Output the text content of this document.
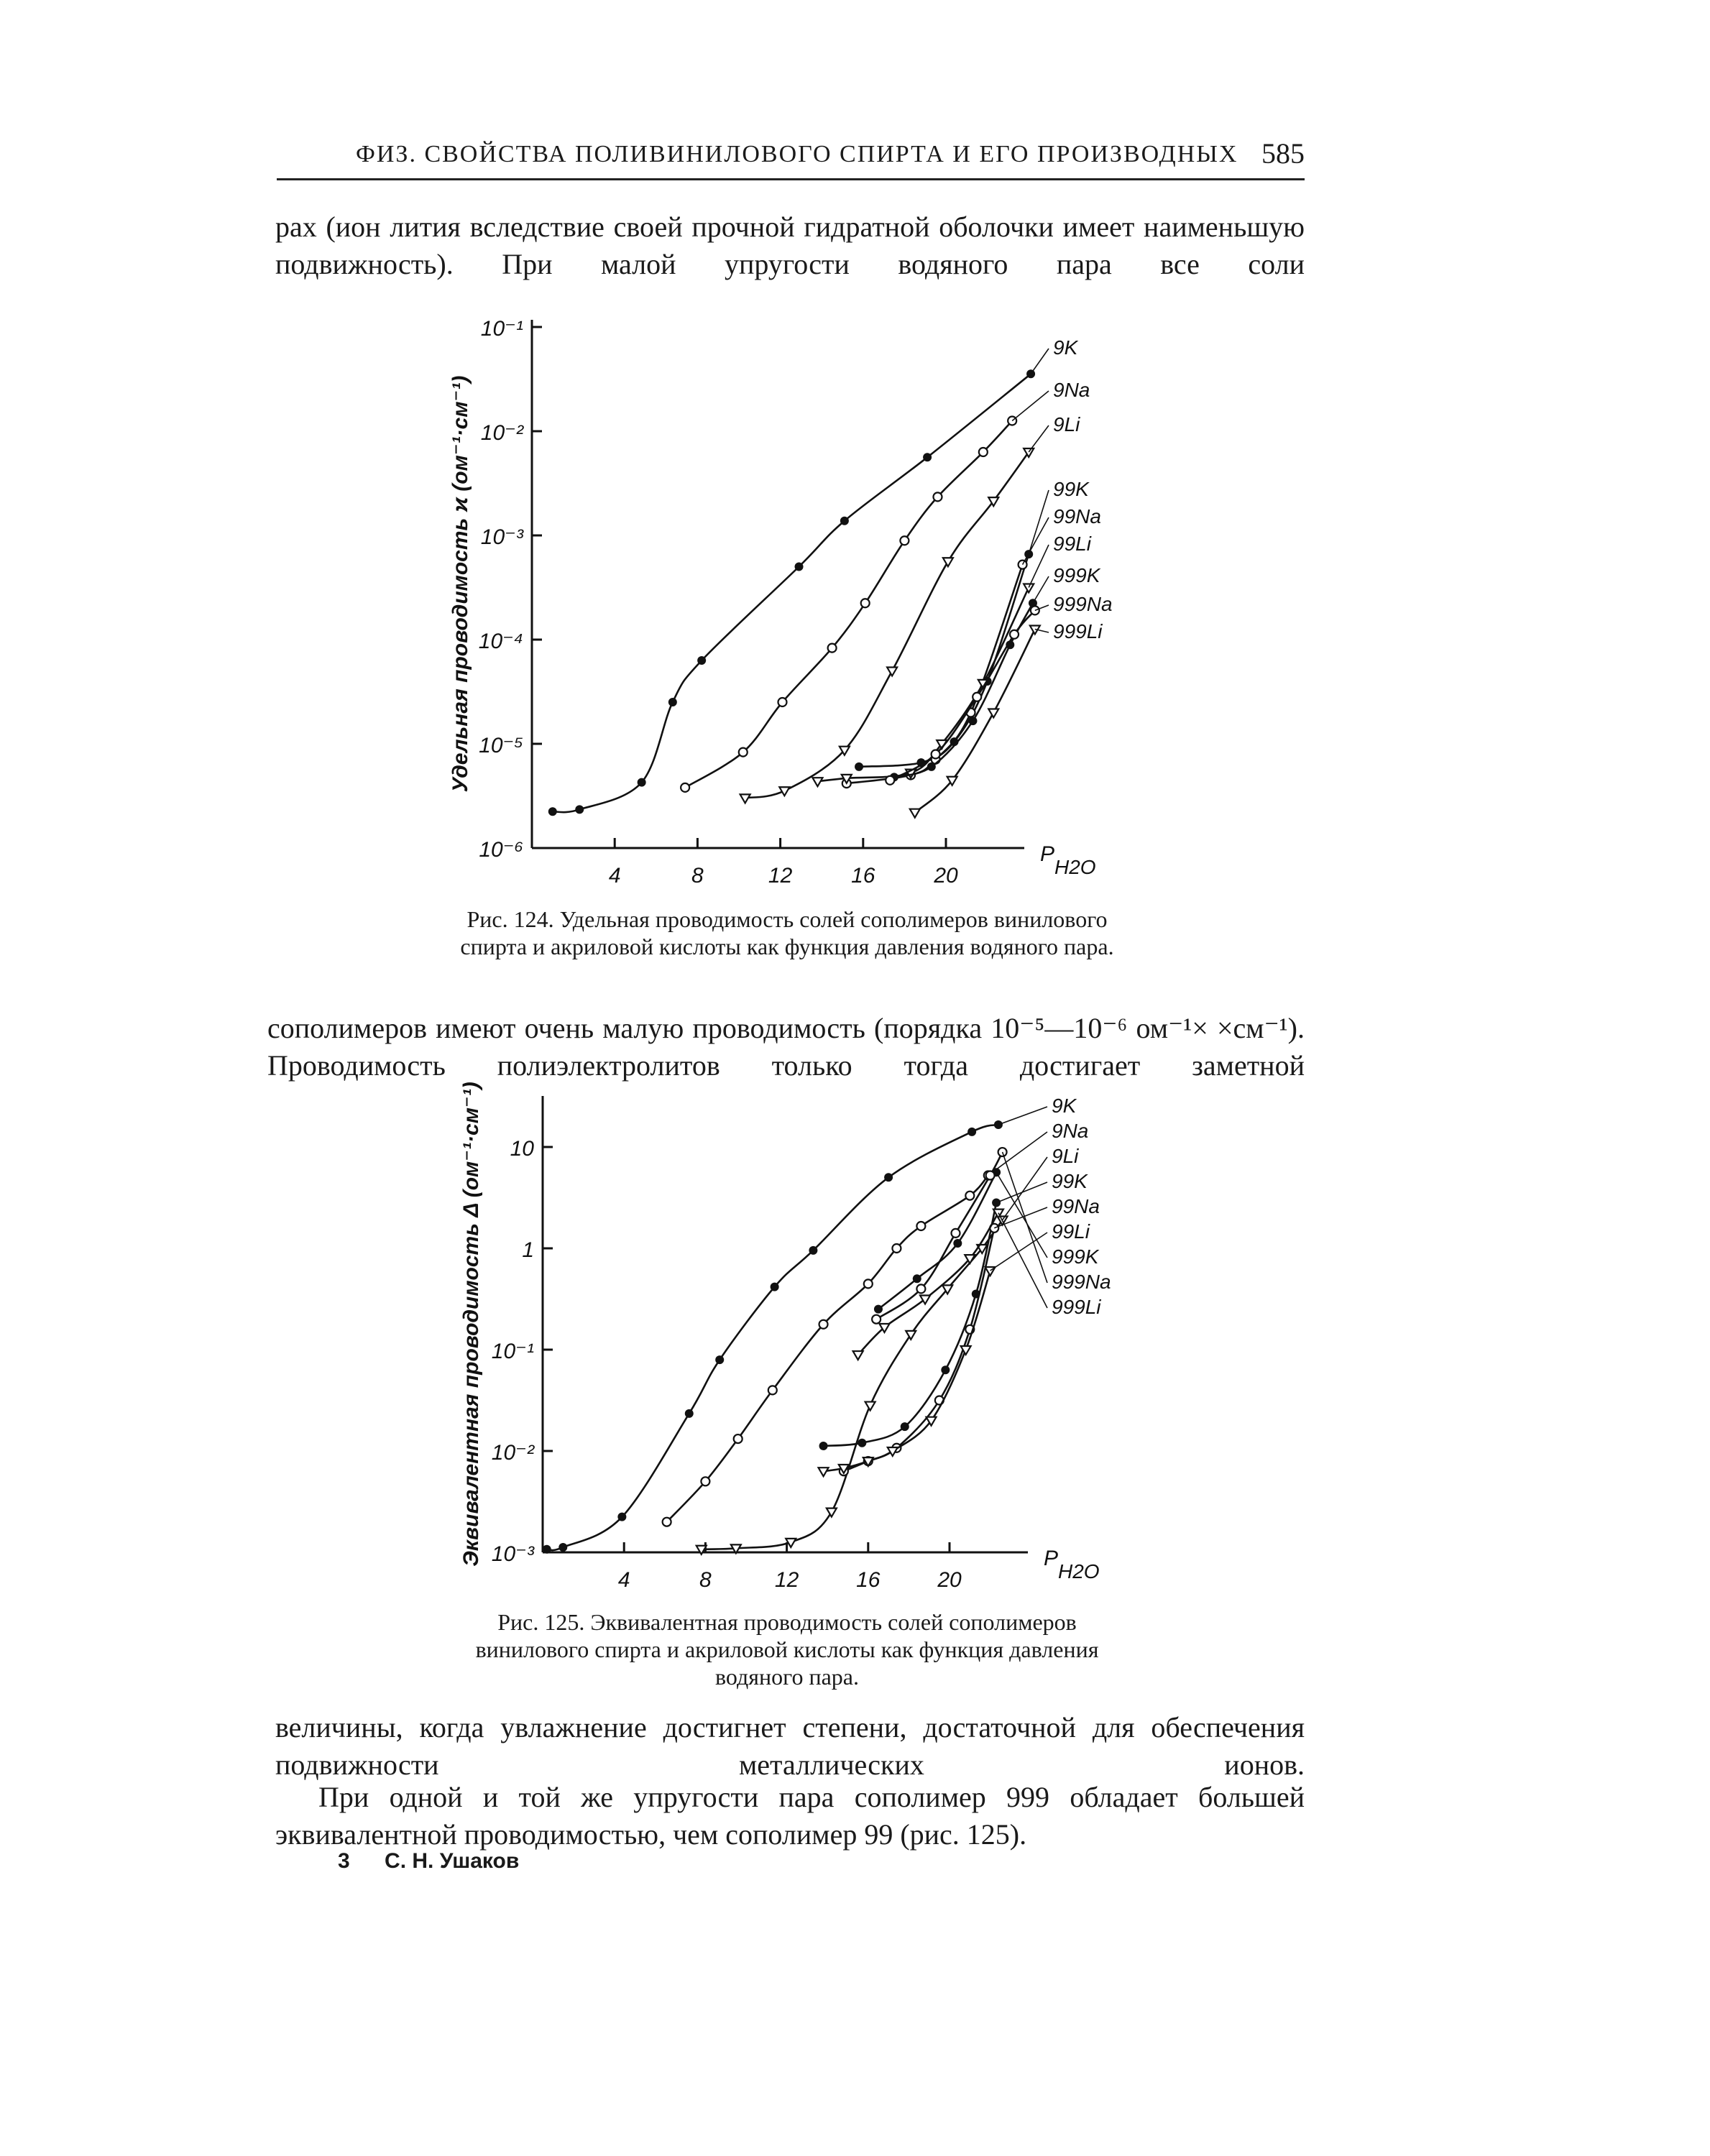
ФИЗ. СВОЙСТВА ПОЛИВИНИЛОВОГО СПИРТА И ЕГО ПРОИЗВОДНЫХ 585
рах (ион лития вследствие своей прочной гидратной оболочки имеет наименьшую подвижность). При малой упругости водяного пара все соли
Рис. 124. Удельная проводимость солей сополимеров винилового спирта и акриловой кислоты как функция давления водяного пара.
сополимеров имеют очень малую проводимость (порядка 10⁻⁵—10⁻⁶ ом⁻¹× ×см⁻¹). Проводимость полиэлектролитов только тогда достигает заметной
Рис. 125. Эквивалентная проводимость солей сополимеров винилового спирта и акриловой кислоты как функция давления водяного пара.
величины, когда увлажнение достигнет степени, достаточной для обеспечения подвижности металлических ионов.
При одной и той же упругости пара сополимер 999 обладает большей эквивалентной проводимостью, чем сополимер 99 (рис. 125).
3 С. Н. Ушаков
10⁻⁶
10⁻⁵
10⁻⁴
10⁻³
10⁻²
10⁻¹
4	8	12	16	20
P
H2O
Удельная проводимость ϰ (ом⁻¹·см⁻¹)
9K
9Na
9Li
99K
99Na
99Li
999K
999Na
999Li
10⁻³
10⁻²
10⁻¹
1
10
4	8	12	16	20
P
H2O
Эквивалентная проводимость Δ (ом⁻¹·см⁻¹)	9K
9Na
9Li
99K
99Na
99Li
999K
999Na
999Li
